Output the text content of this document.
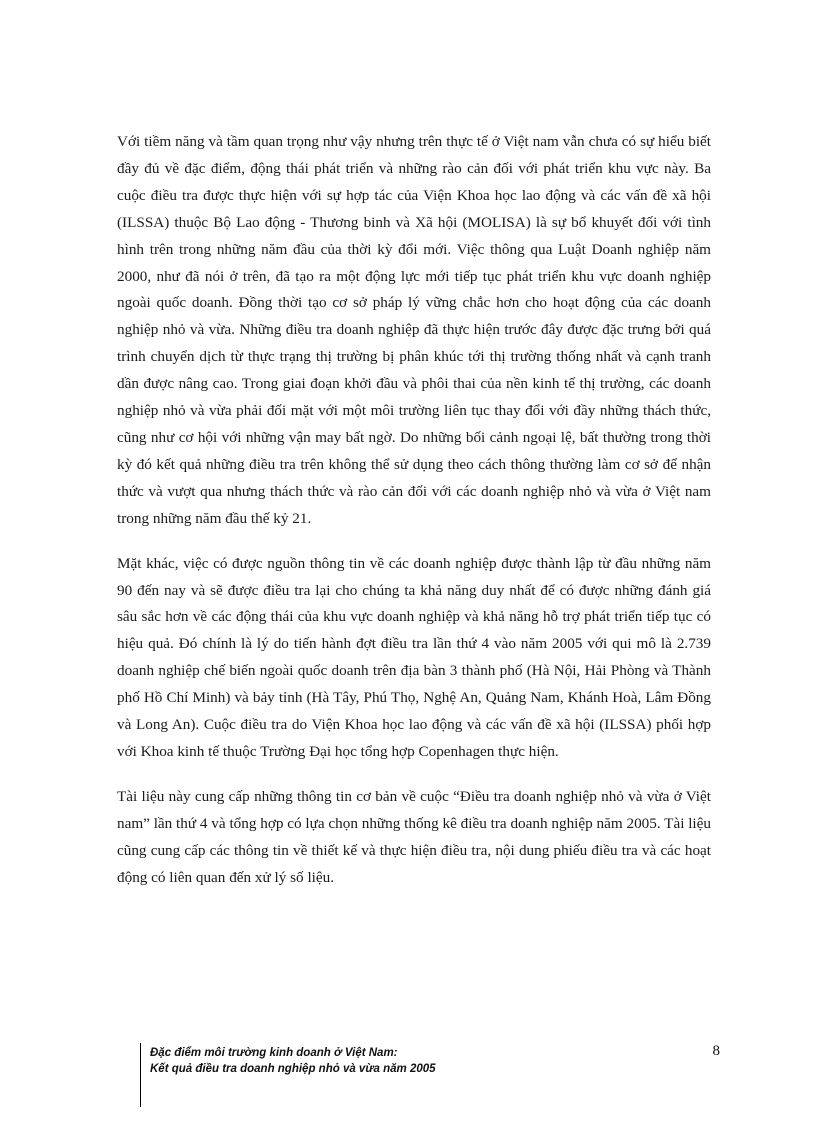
Với tiềm năng và tầm quan trọng như vậy nhưng trên thực tế ở Việt nam vẫn chưa có sự hiểu biết đầy đủ về đặc điểm, động thái phát triển và những rào cản đối với phát triển khu vực này. Ba cuộc điều tra được thực hiện với sự hợp tác của Viện Khoa học lao động và các vấn đề xã hội (ILSSA) thuộc Bộ Lao động - Thương binh và Xã hội (MOLISA) là sự bổ khuyết đối với tình hình trên trong những năm đầu của thời kỳ đổi mới. Việc thông qua Luật Doanh nghiệp năm 2000, như đã nói ở trên, đã tạo ra một động lực mới tiếp tục phát triển khu vực doanh nghiệp ngoài quốc doanh. Đồng thời tạo cơ sở pháp lý vững chắc hơn cho hoạt động của các doanh nghiệp nhỏ và vừa. Những điều tra doanh nghiệp đã thực hiện trước đây được đặc trưng bởi quá trình chuyển dịch từ thực trạng thị trường bị phân khúc tới thị trường thống nhất và cạnh tranh dần được nâng cao. Trong giai đoạn khởi đầu và phôi thai của nền kinh tế thị trường, các doanh nghiệp nhỏ và vừa phải đối mặt với một môi trường liên tục thay đổi với đầy những thách thức, cũng như cơ hội với những vận may bất ngờ. Do những bối cảnh ngoại lệ, bất thường trong thời kỳ đó kết quả những điều tra trên không thể sử dụng theo cách thông thường làm cơ sở để nhận thức và vượt qua nhưng thách thức và rào cản đối với các doanh nghiệp nhỏ và vừa ở Việt nam trong những năm đầu thế kỷ 21.

Mặt khác, việc có được nguồn thông tin về các doanh nghiệp được thành lập từ đầu những năm 90 đến nay và sẽ được điều tra lại cho chúng ta khả năng duy nhất để có được những đánh giá sâu sắc hơn về các động thái của khu vực doanh nghiệp và khả năng hỗ trợ phát triển tiếp tục có hiệu quả. Đó chính là lý do tiến hành đợt điều tra lần thứ 4 vào năm 2005 với qui mô là 2.739 doanh nghiệp chế biến ngoài quốc doanh trên địa bàn 3 thành phố (Hà Nội, Hải Phòng và Thành phố Hồ Chí Minh) và bảy tỉnh (Hà Tây, Phú Thọ, Nghệ An, Quảng Nam, Khánh Hoà, Lâm Đồng và Long An). Cuộc điều tra do Viện Khoa học lao động và các vấn đề xã hội (ILSSA) phối hợp với Khoa kinh tế thuộc Trường Đại học tổng hợp Copenhagen thực hiện.

Tài liệu này cung cấp những thông tin cơ bản về cuộc “Điều tra doanh nghiệp nhỏ và vừa ở Việt nam” lần thứ 4 và tổng hợp có lựa chọn những thống kê điều tra doanh nghiệp năm 2005. Tài liệu cũng cung cấp các thông tin về thiết kế và thực hiện điều tra, nội dung phiếu điều tra và các hoạt động có liên quan đến xử lý số liệu.

Đặc điểm môi trường kinh doanh ở Việt Nam:
Kết quả điều tra doanh nghiệp nhỏ và vừa năm 2005
8
